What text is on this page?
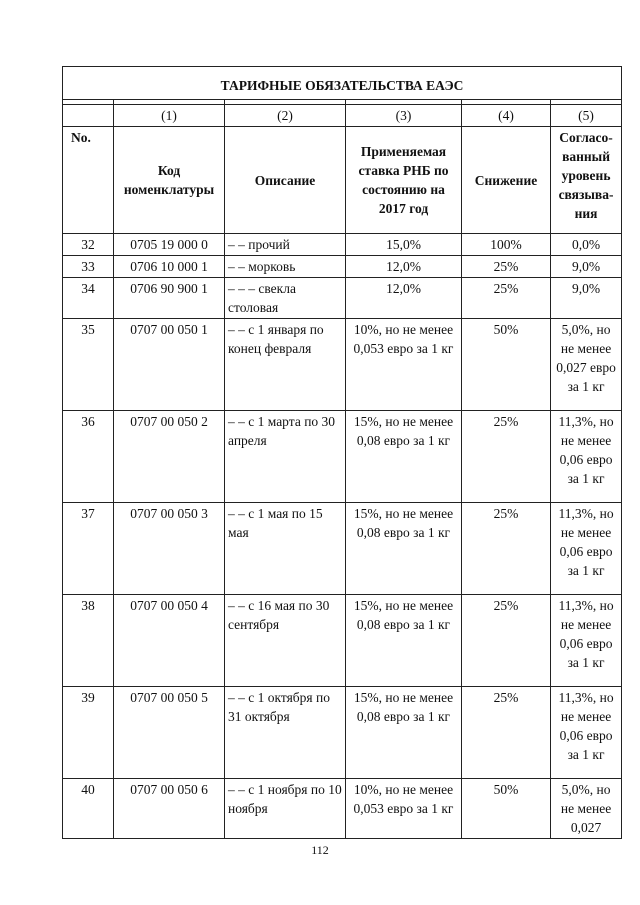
ТАРИФНЫЕ ОБЯЗАТЕЛЬСТВА ЕАЭС					

	(1)	(2)	(3)	(4)	(5)
No.	Код номенклатуры	Описание	Применяемая ставка РНБ по состоянию на 2017 год	Снижение	Согласо-ванный уровень связыва-ния
32	0705 19 000 0	– – прочий	15,0%	100%	0,0%
33	0706 10 000 1	– – морковь	12,0%	25%	9,0%
34	0706 90 900 1	– – – свекла столовая	12,0%	25%	9,0%
35	0707 00 050 1	– – с 1 января по конец февраля	10%, но не менее 0,053 евро за 1 кг	50%	5,0%, но не менее 0,027 евро за 1 кг
36	0707 00 050 2	– – с 1 марта по 30 апреля	15%, но не менее 0,08 евро за 1 кг	25%	11,3%, но не менее 0,06 евро за 1 кг
37	0707 00 050 3	– – с 1 мая по 15 мая	15%, но не менее 0,08 евро за 1 кг	25%	11,3%, но не менее 0,06 евро за 1 кг
38	0707 00 050 4	– – с 16 мая по 30 сентября	15%, но не менее 0,08 евро за 1 кг	25%	11,3%, но не менее 0,06 евро за 1 кг
39	0707 00 050 5	– – с 1 октября по 31 октября	15%, но не менее 0,08 евро за 1 кг	25%	11,3%, но не менее 0,06 евро за 1 кг
40	0707 00 050 6	– – с 1 ноября по 10 ноября	10%, но не менее 0,053 евро за 1 кг	50%	5,0%, но не менее 0,027
112
